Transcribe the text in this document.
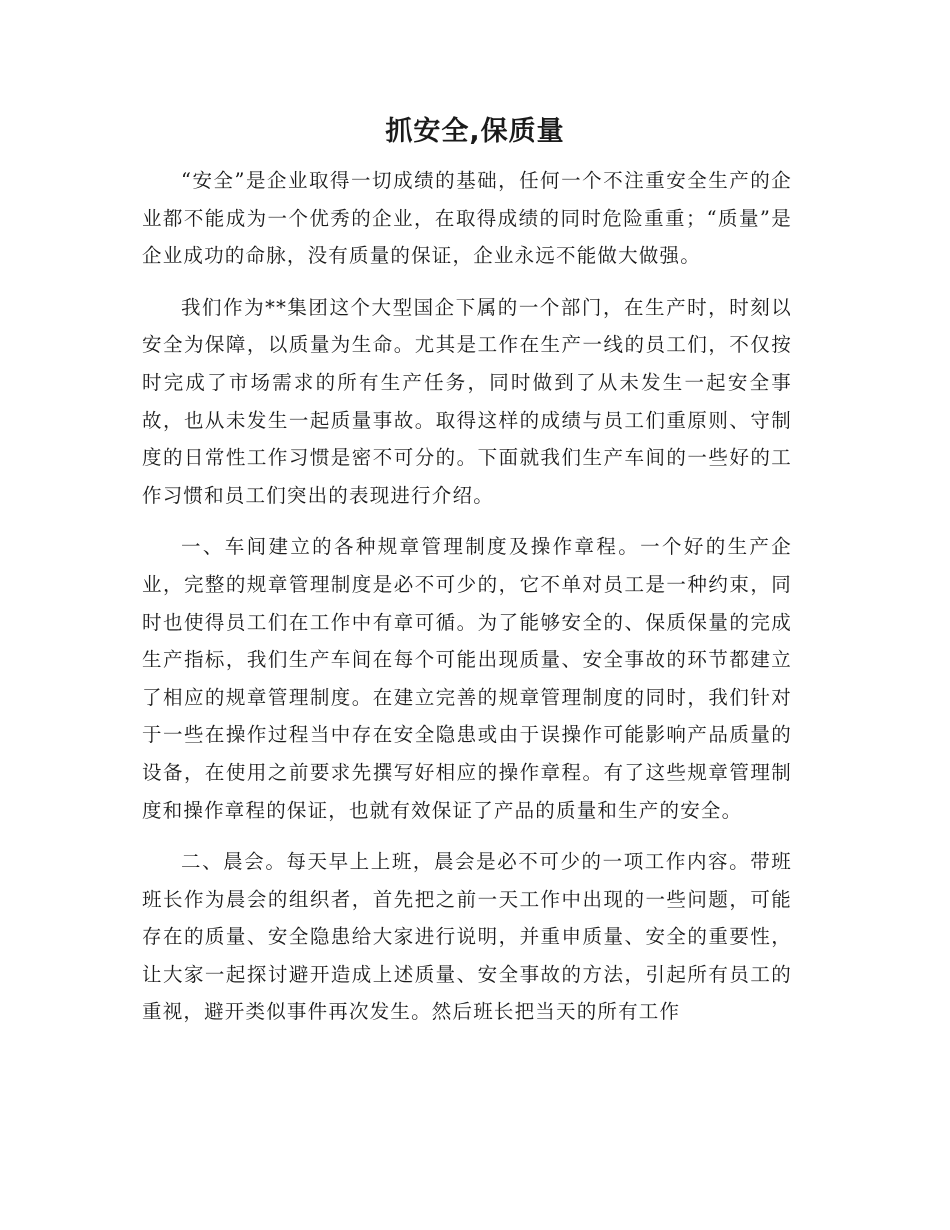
抓安全,保质量

“安全”是企业取得一切成绩的基础，任何一个不注重安全生产的企业都不能成为一个优秀的企业，在取得成绩的同时危险重重；“质量”是企业成功的命脉，没有质量的保证，企业永远不能做大做强。

我们作为**集团这个大型国企下属的一个部门，在生产时，时刻以安全为保障，以质量为生命。尤其是工作在生产一线的员工们，不仅按时完成了市场需求的所有生产任务，同时做到了从未发生一起安全事故，也从未发生一起质量事故。取得这样的成绩与员工们重原则、守制度的日常性工作习惯是密不可分的。下面就我们生产车间的一些好的工作习惯和员工们突出的表现进行介绍。

一、车间建立的各种规章管理制度及操作章程。一个好的生产企业，完整的规章管理制度是必不可少的，它不单对员工是一种约束，同时也使得员工们在工作中有章可循。为了能够安全的、保质保量的完成生产指标，我们生产车间在每个可能出现质量、安全事故的环节都建立了相应的规章管理制度。在建立完善的规章管理制度的同时，我们针对于一些在操作过程当中存在安全隐患或由于误操作可能影响产品质量的设备，在使用之前要求先撰写好相应的操作章程。有了这些规章管理制度和操作章程的保证，也就有效保证了产品的质量和生产的安全。

二、晨会。每天早上上班，晨会是必不可少的一项工作内容。带班班长作为晨会的组织者，首先把之前一天工作中出现的一些问题，可能存在的质量、安全隐患给大家进行说明，并重申质量、安全的重要性，让大家一起探讨避开造成上述质量、安全事故的方法，引起所有员工的重视，避开类似事件再次发生。然后班长把当天的所有工作
